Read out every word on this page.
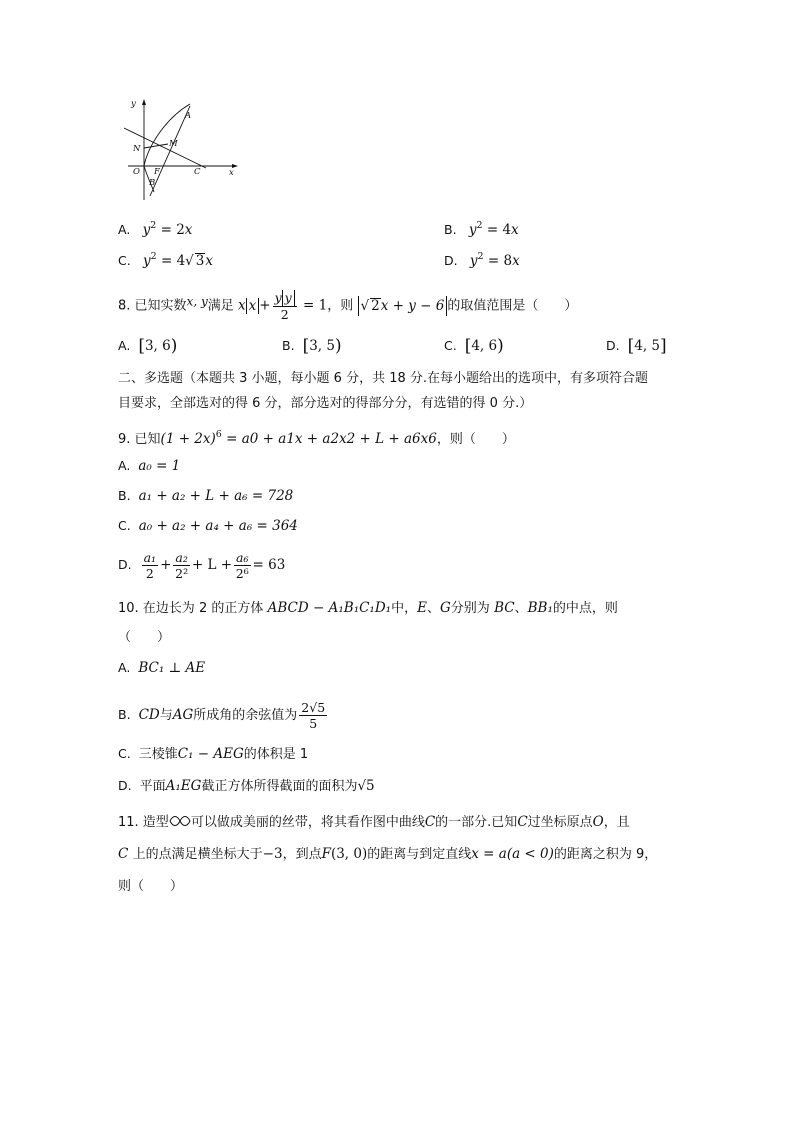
y
A
M
N
O F	C
B
x
A. $y^2 = 2x$	B. $y^2 = 4x$
C. $y^2 = 4√$ 3x	D. $y^2 = 8x$
8. 已知实数x, y满足 x $x + \frac{\text{y y}}{2} = 1$，则 √ 2x + y − 6 的取值范围是（　　）
A. [3, 6)	B. [3, 5)	C. [4, 6)	D. [4, 5]
二、多选题（本题共 3 小题，每小题 6 分，共 18 分.在每小题给出的选项中，有多项符合题
目要求，全部选对的得 6 分，部分选对的得部分分，有选错的得 0 分.）
9. 已知$(1 + 2x)^6 = a0 + a1x + a2x2 + L + a6x6$，则（　　）
A. a₀ = 1
B. a₁ + a₂ + L + a₆ = 728
C. a₀ + a₂ + a₄ + a₆ = 364
D. $\frac{\text{a₁}}{2} + \frac{\text{a₂}}{\text{2²}} + L + \frac{\text{a₆}}{\text{2⁶}} = 63$
10. 在边长为 2 的正方体 ABCD − A₁B₁C₁D₁中，E、G分别为 BC、BB₁的中点，则
（　　）
A. BC₁ ⊥ AE
B. CD与AG所成角的余弦值为 $\frac{2√5}{5}$
C. 三棱锥C₁ − AEG的体积是 1
D. 平面A₁EG截正方体所得截面的面积为√5
11. 造型 可以做成美丽的丝带，将其看作图中曲线C的一部分.已知C过坐标原点O，且
C 上的点满足横坐标大于−3，到点F(3, 0)的距离与到定直线x = a(a < 0)的距离之积为 9，
则（　　）
